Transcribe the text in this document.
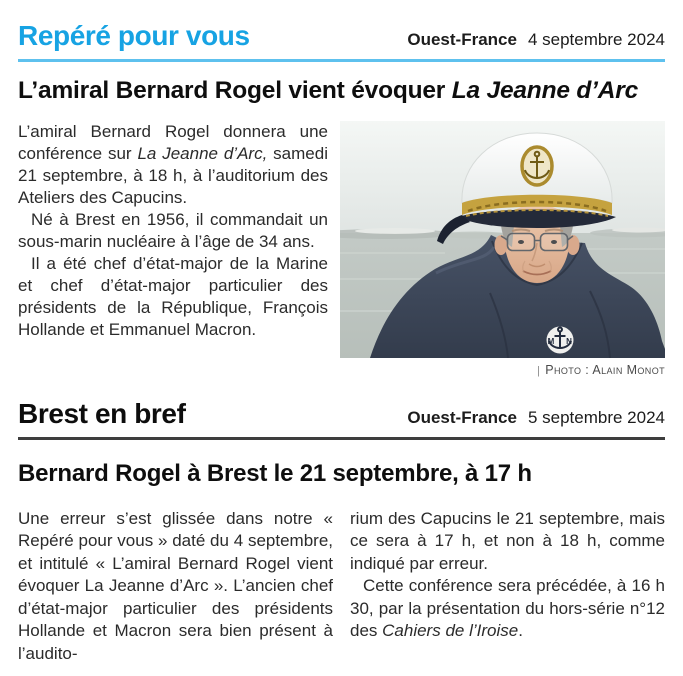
Repéré pour vous	Ouest-France 4 septembre 2024
L’amiral Bernard Rogel vient évoquer La Jeanne d’Arc

L’amiral Bernard Rogel donnera une conférence sur La Jeanne d’Arc, samedi 21 septembre, à 18 h, à l’auditorium des Ateliers des Capucins.

Né à Brest en 1956, il commandait un sous-marin nucléaire à l’âge de 34 ans.

Il a été chef d’état-major de la Marine et chef d’état-major particulier des présidents de la République, François Hollande et Emmanuel Macron.

M N
| Photo : Alain Monot
Brest en bref	Ouest-France 5 septembre 2024
Bernard Rogel à Brest le 21 septembre, à 17 h

Une erreur s’est glissée dans notre « Repéré pour vous » daté du 4 septembre, et intitulé « L’amiral Bernard Rogel vient évoquer La Jeanne d’Arc ». L’ancien chef d’état-major particulier des présidents Hollande et Macron sera bien présent à l’audito-

rium des Capucins le 21 septembre, mais ce sera à 17 h, et non à 18 h, comme indiqué par erreur.

Cette conférence sera précédée, à 16 h 30, par la présentation du hors-série n°12 des Cahiers de l’Iroise.
